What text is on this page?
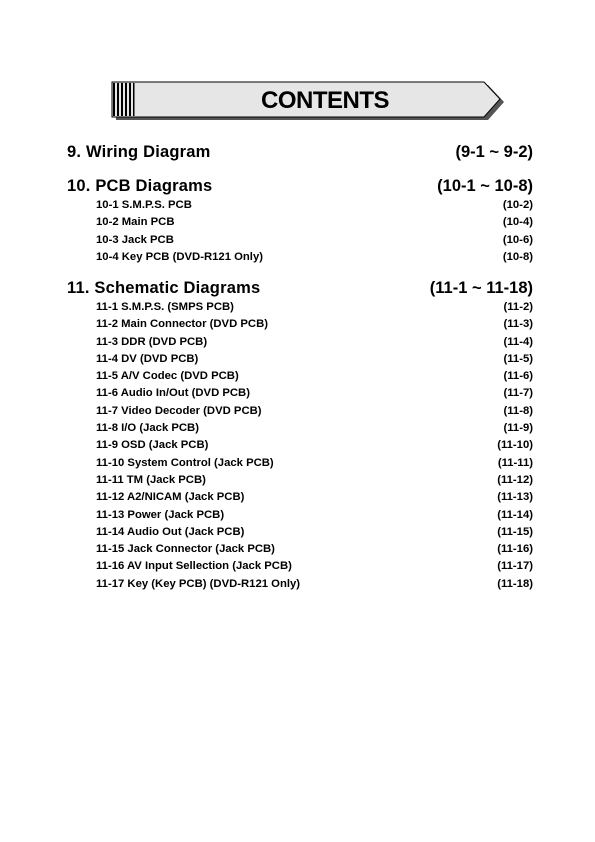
CONTENTS
9. Wiring Diagram	(9-1 ~ 9-2)
10. PCB Diagrams	(10-1 ~ 10-8)
10-1 S.M.P.S. PCB	(10-2)
10-2 Main PCB	(10-4)
10-3 Jack PCB	(10-6)
10-4 Key PCB (DVD-R121 Only)	(10-8)
11. Schematic Diagrams	(11-1 ~ 11-18)
11-1 S.M.P.S. (SMPS PCB)	(11-2)
11-2 Main Connector (DVD PCB)	(11-3)
11-3 DDR (DVD PCB)	(11-4)
11-4 DV (DVD PCB)	(11-5)
11-5 A/V Codec (DVD PCB)	(11-6)
11-6 Audio In/Out (DVD PCB)	(11-7)
11-7 Video Decoder (DVD PCB)	(11-8)
11-8 I/O (Jack PCB)	(11-9)
11-9 OSD (Jack PCB)	(11-10)
11-10 System Control (Jack PCB)	(11-11)
11-11 TM (Jack PCB)	(11-12)
11-12 A2/NICAM (Jack PCB)	(11-13)
11-13 Power (Jack PCB)	(11-14)
11-14 Audio Out (Jack PCB)	(11-15)
11-15 Jack Connector (Jack PCB)	(11-16)
11-16 AV Input Sellection (Jack PCB)	(11-17)
11-17 Key (Key PCB) (DVD-R121 Only)	(11-18)
